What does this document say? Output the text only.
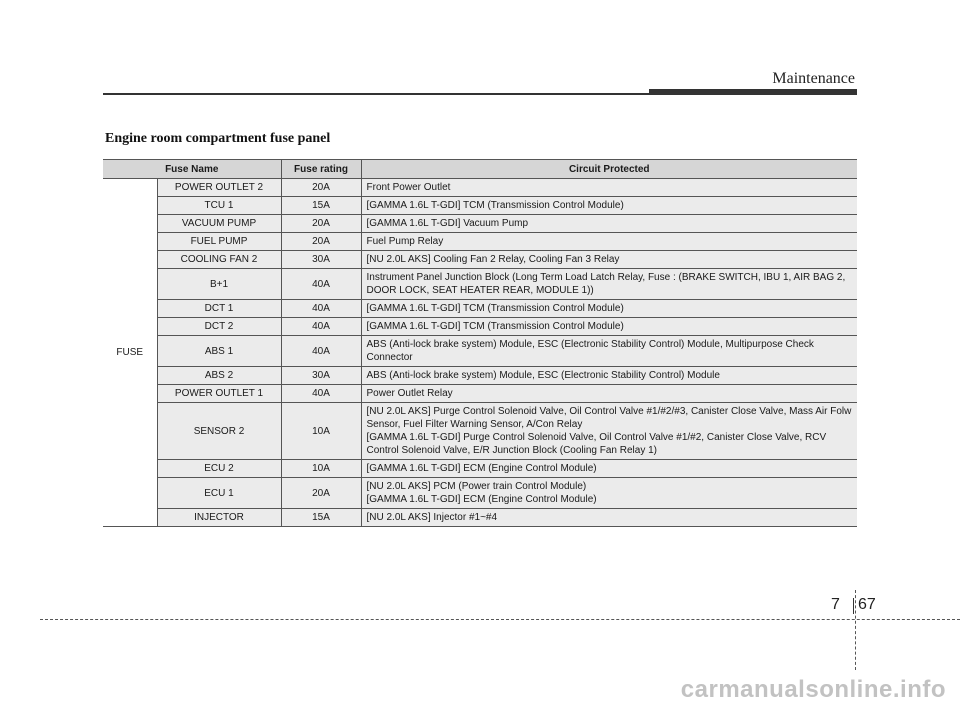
Maintenance
Engine room compartment fuse panel
Fuse Name		Fuse rating	Circuit Protected
FUSE	POWER OUTLET 2	20A	Front Power Outlet
	TCU 1	15A	[GAMMA 1.6L T-GDI] TCM (Transmission Control Module)
	VACUUM PUMP	20A	[GAMMA 1.6L T-GDI] Vacuum Pump
	FUEL PUMP	20A	Fuel Pump Relay
	COOLING FAN 2	30A	[NU 2.0L AKS] Cooling Fan 2 Relay, Cooling Fan 3 Relay
	B+1	40A	Instrument Panel Junction Block (Long Term Load Latch Relay, Fuse : (BRAKE SWITCH, IBU 1, AIR BAG 2, DOOR LOCK, SEAT HEATER REAR, MODULE 1))
	DCT 1	40A	[GAMMA 1.6L T-GDI] TCM (Transmission Control Module)
	DCT 2	40A	[GAMMA 1.6L T-GDI] TCM (Transmission Control Module)
	ABS 1	40A	ABS (Anti-lock brake system) Module, ESC (Electronic Stability Control) Module, Multipurpose Check Connector
	ABS 2	30A	ABS (Anti-lock brake system) Module, ESC (Electronic Stability Control) Module
	POWER OUTLET 1	40A	Power Outlet Relay
	SENSOR 2	10A	[NU 2.0L AKS] Purge Control Solenoid Valve, Oil Control Valve #1/#2/#3, Canister Close Valve, Mass Air Folw Sensor, Fuel Filter Warning Sensor, A/Con Relay
[GAMMA 1.6L T-GDI] Purge Control Solenoid Valve, Oil Control Valve #1/#2, Canister Close Valve, RCV Control Solenoid Valve, E/R Junction Block (Cooling Fan Relay 1)
	ECU 2	10A	[GAMMA 1.6L T-GDI] ECM (Engine Control Module)
	ECU 1	20A	[NU 2.0L AKS] PCM (Power train Control Module)
[GAMMA 1.6L T-GDI] ECM (Engine Control Module)
	INJECTOR	15A	[NU 2.0L AKS] Injector #1~#4
7 67
carmanualsonline.info
